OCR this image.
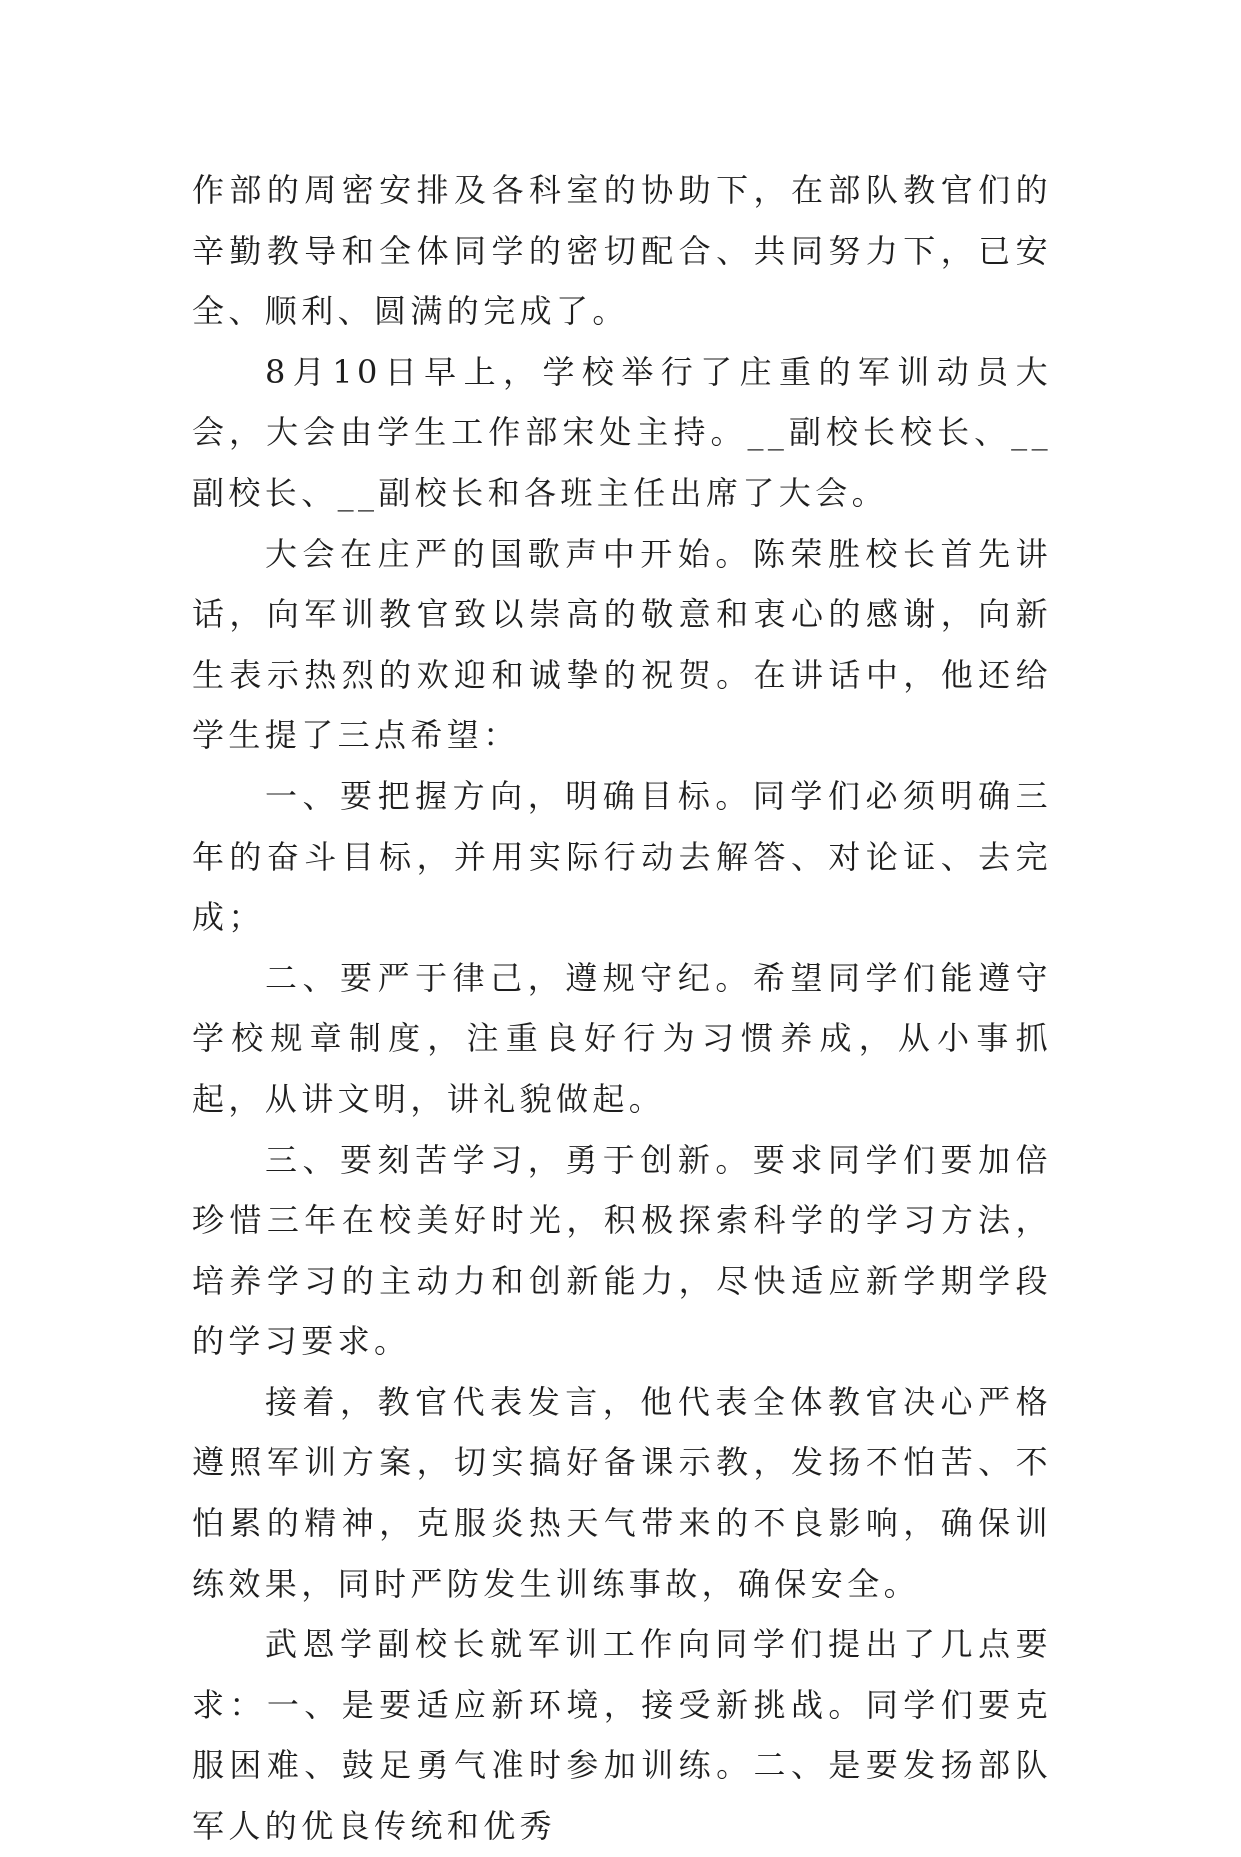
作部的周密安排及各科室的协助下，在部队教官们的辛勤教导和全体同学的密切配合、共同努力下，已安全、顺利、圆满的完成了。

8月10日早上，学校举行了庄重的军训动员大会，大会由学生工作部宋处主持。__副校长校长、__副校长、__副校长和各班主任出席了大会。

大会在庄严的国歌声中开始。陈荣胜校长首先讲话，向军训教官致以崇高的敬意和衷心的感谢，向新生表示热烈的欢迎和诚挚的祝贺。在讲话中，他还给学生提了三点希望：

一、要把握方向，明确目标。同学们必须明确三年的奋斗目标，并用实际行动去解答、对论证、去完成；

二、要严于律己，遵规守纪。希望同学们能遵守学校规章制度，注重良好行为习惯养成，从小事抓起，从讲文明，讲礼貌做起。

三、要刻苦学习，勇于创新。要求同学们要加倍珍惜三年在校美好时光，积极探索科学的学习方法，培养学习的主动力和创新能力，尽快适应新学期学段的学习要求。

接着，教官代表发言，他代表全体教官决心严格遵照军训方案，切实搞好备课示教，发扬不怕苦、不怕累的精神，克服炎热天气带来的不良影响，确保训练效果，同时严防发生训练事故，确保安全。

武恩学副校长就军训工作向同学们提出了几点要求：一、是要适应新环境，接受新挑战。同学们要克服困难、鼓足勇气准时参加训练。二、是要发扬部队军人的优良传统和优秀
